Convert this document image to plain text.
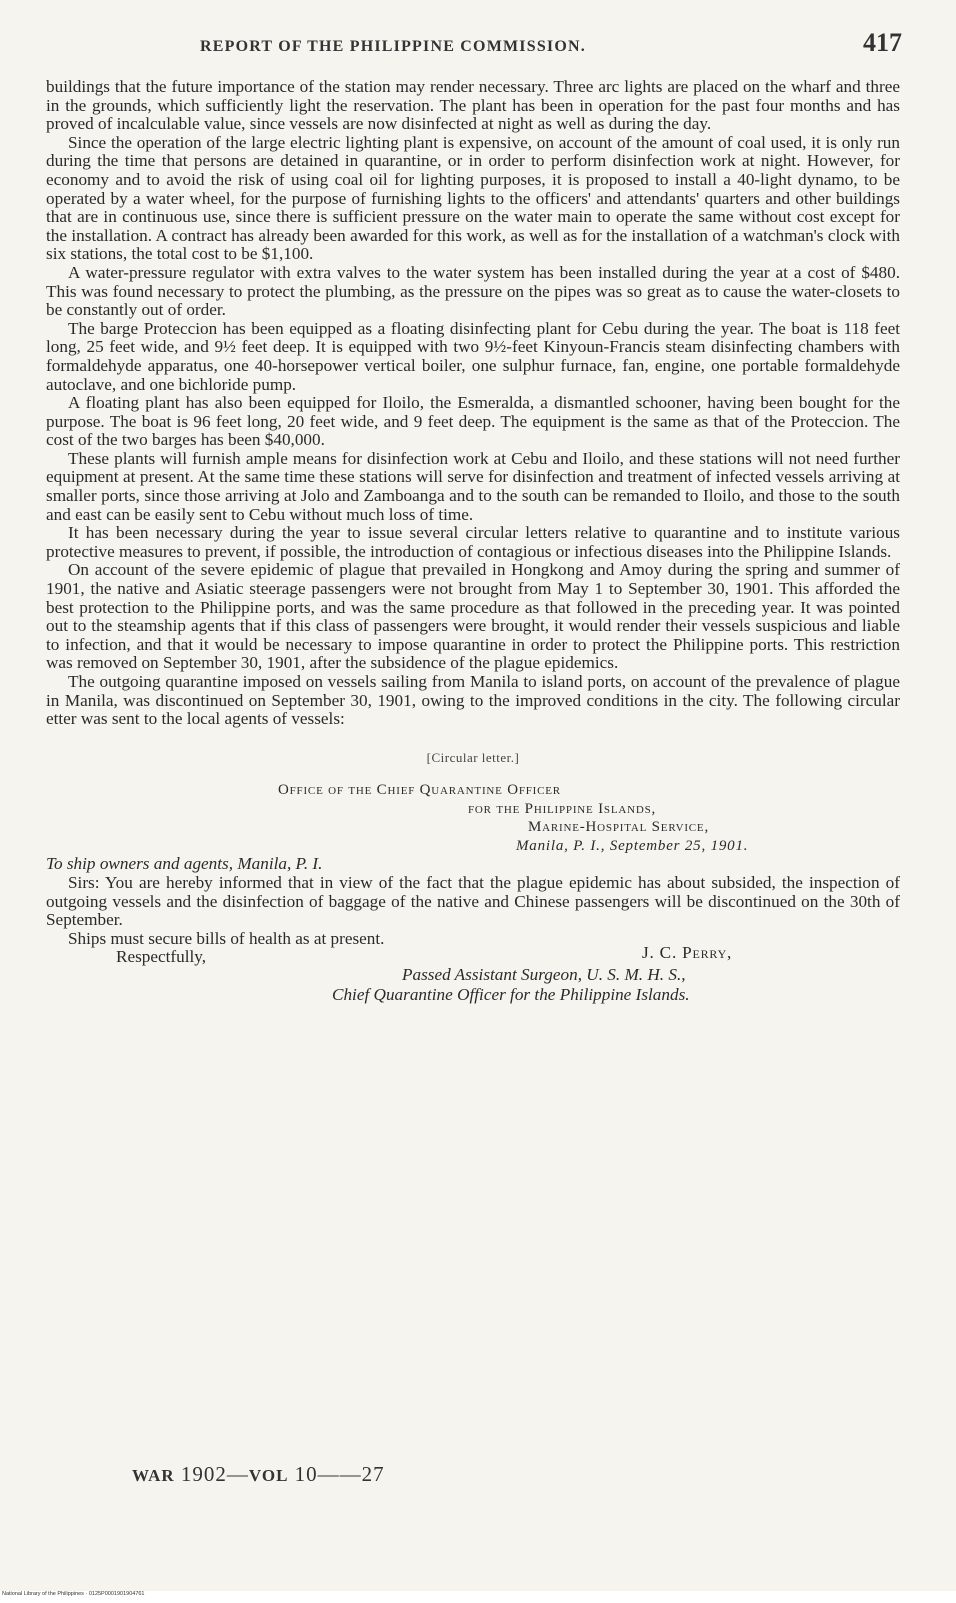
REPORT OF THE PHILIPPINE COMMISSION.	417

buildings that the future importance of the station may render necessary. Three arc lights are placed on the wharf and three in the grounds, which sufficiently light the reservation. The plant has been in operation for the past four months and has proved of incalculable value, since vessels are now disinfected at night as well as during the day.

Since the operation of the large electric lighting plant is expensive, on account of the amount of coal used, it is only run during the time that persons are detained in quarantine, or in order to perform disinfection work at night. However, for economy and to avoid the risk of using coal oil for lighting purposes, it is proposed to install a 40-light dynamo, to be operated by a water wheel, for the purpose of furnishing lights to the officers' and attendants' quarters and other buildings that are in continuous use, since there is sufficient pressure on the water main to operate the same without cost except for the installation. A contract has already been awarded for this work, as well as for the installation of a watchman's clock with six stations, the total cost to be $1,100.

A water-pressure regulator with extra valves to the water system has been installed during the year at a cost of $480. This was found necessary to protect the plumbing, as the pressure on the pipes was so great as to cause the water-closets to be constantly out of order.

The barge Proteccion has been equipped as a floating disinfecting plant for Cebu during the year. The boat is 118 feet long, 25 feet wide, and 9½ feet deep. It is equipped with two 9½-feet Kinyoun-Francis steam disinfecting chambers with formaldehyde apparatus, one 40-horsepower vertical boiler, one sulphur furnace, fan, engine, one portable formaldehyde autoclave, and one bichloride pump.

A floating plant has also been equipped for Iloilo, the Esmeralda, a dismantled schooner, having been bought for the purpose. The boat is 96 feet long, 20 feet wide, and 9 feet deep. The equipment is the same as that of the Proteccion. The cost of the two barges has been $40,000.

These plants will furnish ample means for disinfection work at Cebu and Iloilo, and these stations will not need further equipment at present. At the same time these stations will serve for disinfection and treatment of infected vessels arriving at smaller ports, since those arriving at Jolo and Zamboanga and to the south can be remanded to Iloilo, and those to the south and east can be easily sent to Cebu without much loss of time.

It has been necessary during the year to issue several circular letters relative to quarantine and to institute various protective measures to prevent, if possible, the introduction of contagious or infectious diseases into the Philippine Islands.

On account of the severe epidemic of plague that prevailed in Hongkong and Amoy during the spring and summer of 1901, the native and Asiatic steerage passengers were not brought from May 1 to September 30, 1901. This afforded the best protection to the Philippine ports, and was the same procedure as that followed in the preceding year. It was pointed out to the steamship agents that if this class of passengers were brought, it would render their vessels suspicious and liable to infection, and that it would be necessary to impose quarantine in order to protect the Philippine ports. This restriction was removed on September 30, 1901, after the subsidence of the plague epidemics.

The outgoing quarantine imposed on vessels sailing from Manila to island ports, on account of the prevalence of plague in Manila, was discontinued on September 30, 1901, owing to the improved conditions in the city. The following circular etter was sent to the local agents of vessels:

[Circular letter.]
Office of the Chief Quarantine Officer
for the Philippine Islands,
Marine-Hospital Service,
Manila, P. I., September 25, 1901.

To ship owners and agents, Manila, P. I.

Sirs: You are hereby informed that in view of the fact that the plague epidemic has about subsided, the inspection of outgoing vessels and the disinfection of baggage of the native and Chinese passengers will be discontinued on the 30th of September.

Ships must secure bills of health as at present.

Respectfully,	J. C. Perry,
Passed Assistant Surgeon, U. S. M. H. S.,
Chief Quarantine Officer for the Philippine Islands.
WAR 1902—VOL 10——27
National Library of the Philippines · 0125P0001901904761
